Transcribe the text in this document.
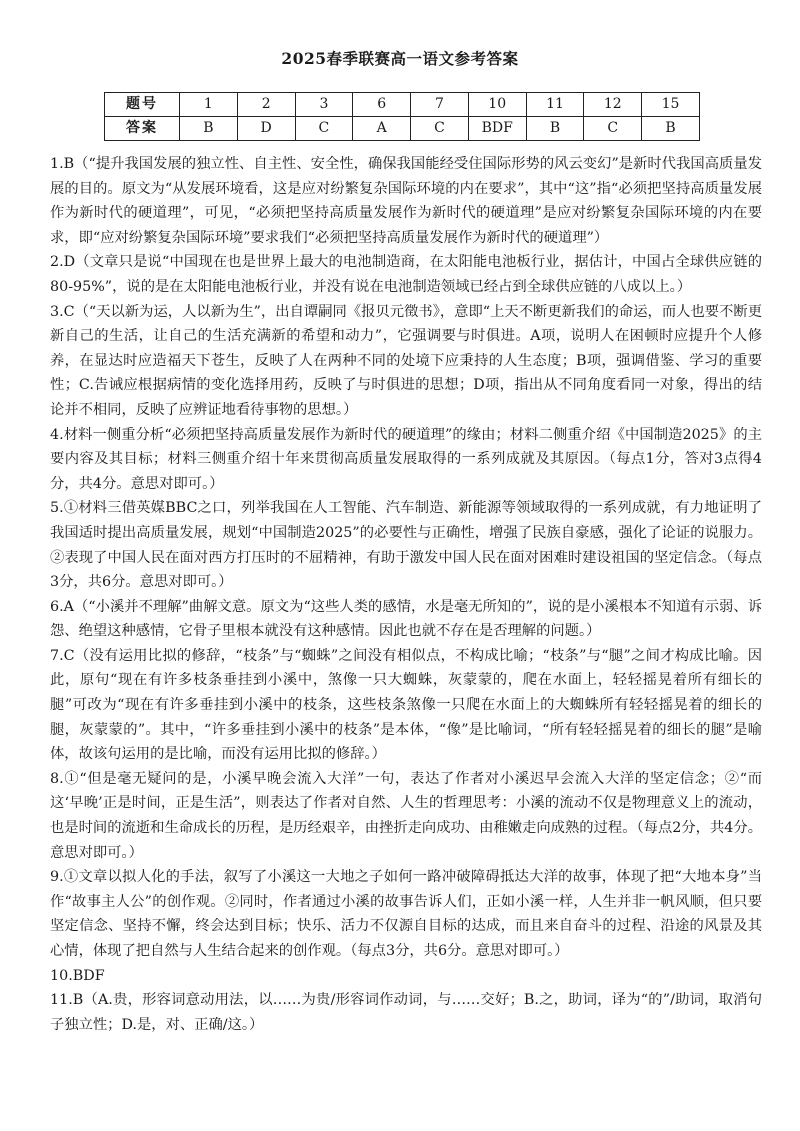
2025春季联赛高一语文参考答案
题号	1	2	3	6	7	10	11	12	15
答案	B	D	C	A	C	BDF	B	C	B

1.B（“提升我国发展的独立性、自主性、安全性，确保我国能经受住国际形势的风云变幻”是新时代我国高质量发展的目的。原文为“从发展环境看，这是应对纷繁复杂国际环境的内在要求”，其中“这”指“必须把坚持高质量发展作为新时代的硬道理”，可见，“必须把坚持高质量发展作为新时代的硬道理”是应对纷繁复杂国际环境的内在要求，即“应对纷繁复杂国际环境”要求我们“必须把坚持高质量发展作为新时代的硬道理”）

2.D（文章只是说“中国现在也是世界上最大的电池制造商，在太阳能电池板行业，据估计，中国占全球供应链的80-95%”，说的是在太阳能电池板行业，并没有说在电池制造领域已经占到全球供应链的八成以上。）

3.C（“天以新为运，人以新为生”，出自谭嗣同《报贝元徵书》，意即“上天不断更新我们的命运，而人也要不断更新自己的生活，让自己的生活充满新的希望和动力”，它强调要与时俱进。A项，说明人在困顿时应提升个人修养，在显达时应造福天下苍生，反映了人在两种不同的处境下应秉持的人生态度；B项，强调借鉴、学习的重要性；C.告诫应根据病情的变化选择用药，反映了与时俱进的思想；D项，指出从不同角度看同一对象，得出的结论并不相同，反映了应辨证地看待事物的思想。）

4.材料一侧重分析“必须把坚持高质量发展作为新时代的硬道理”的缘由；材料二侧重介绍《中国制造2025》的主要内容及其目标；材料三侧重介绍十年来贯彻高质量发展取得的一系列成就及其原因。（每点1分，答对3点得4分，共4分。意思对即可。）

5.①材料三借英媒BBC之口，列举我国在人工智能、汽车制造、新能源等领域取得的一系列成就，有力地证明了我国适时提出高质量发展，规划“中国制造2025”的必要性与正确性，增强了民族自豪感，强化了论证的说服力。②表现了中国人民在面对西方打压时的不屈精神，有助于激发中国人民在面对困难时建设祖国的坚定信念。（每点3分，共6分。意思对即可。）

6.A（“小溪并不理解”曲解文意。原文为“这些人类的感情，水是毫无所知的”，说的是小溪根本不知道有示弱、诉怨、绝望这种感情，它骨子里根本就没有这种感情。因此也就不存在是否理解的问题。）

7.C（没有运用比拟的修辞，“枝条”与“蜘蛛”之间没有相似点，不构成比喻；“枝条”与“腿”之间才构成比喻。因此，原句“现在有许多枝条垂挂到小溪中，煞像一只大蜘蛛，灰蒙蒙的，爬在水面上，轻轻摇晃着所有细长的腿”可改为“现在有许多垂挂到小溪中的枝条，这些枝条煞像一只爬在水面上的大蜘蛛所有轻轻摇晃着的细长的腿，灰蒙蒙的”。其中，“许多垂挂到小溪中的枝条”是本体，“像”是比喻词，“所有轻轻摇晃着的细长的腿”是喻体，故该句运用的是比喻，而没有运用比拟的修辞。）

8.①“但是毫无疑问的是，小溪早晚会流入大洋”一句，表达了作者对小溪迟早会流入大洋的坚定信念；②“而这‘早晚’正是时间，正是生活”，则表达了作者对自然、人生的哲理思考：小溪的流动不仅是物理意义上的流动，也是时间的流逝和生命成长的历程，是历经艰辛，由挫折走向成功、由稚嫩走向成熟的过程。（每点2分，共4分。意思对即可。）

9.①文章以拟人化的手法，叙写了小溪这一大地之子如何一路冲破障碍抵达大洋的故事，体现了把“大地本身”当作“故事主人公”的创作观。②同时，作者通过小溪的故事告诉人们，正如小溪一样，人生并非一帆风顺，但只要坚定信念、坚持不懈，终会达到目标；快乐、活力不仅源自目标的达成，而且来自奋斗的过程、沿途的风景及其心情，体现了把自然与人生结合起来的创作观。（每点3分，共6分。意思对即可。）

10.BDF

11.B（A.贵，形容词意动用法，以……为贵/形容词作动词，与……交好；B.之，助词，译为“的”/助词，取消句子独立性；D.是，对、正确/这。）
